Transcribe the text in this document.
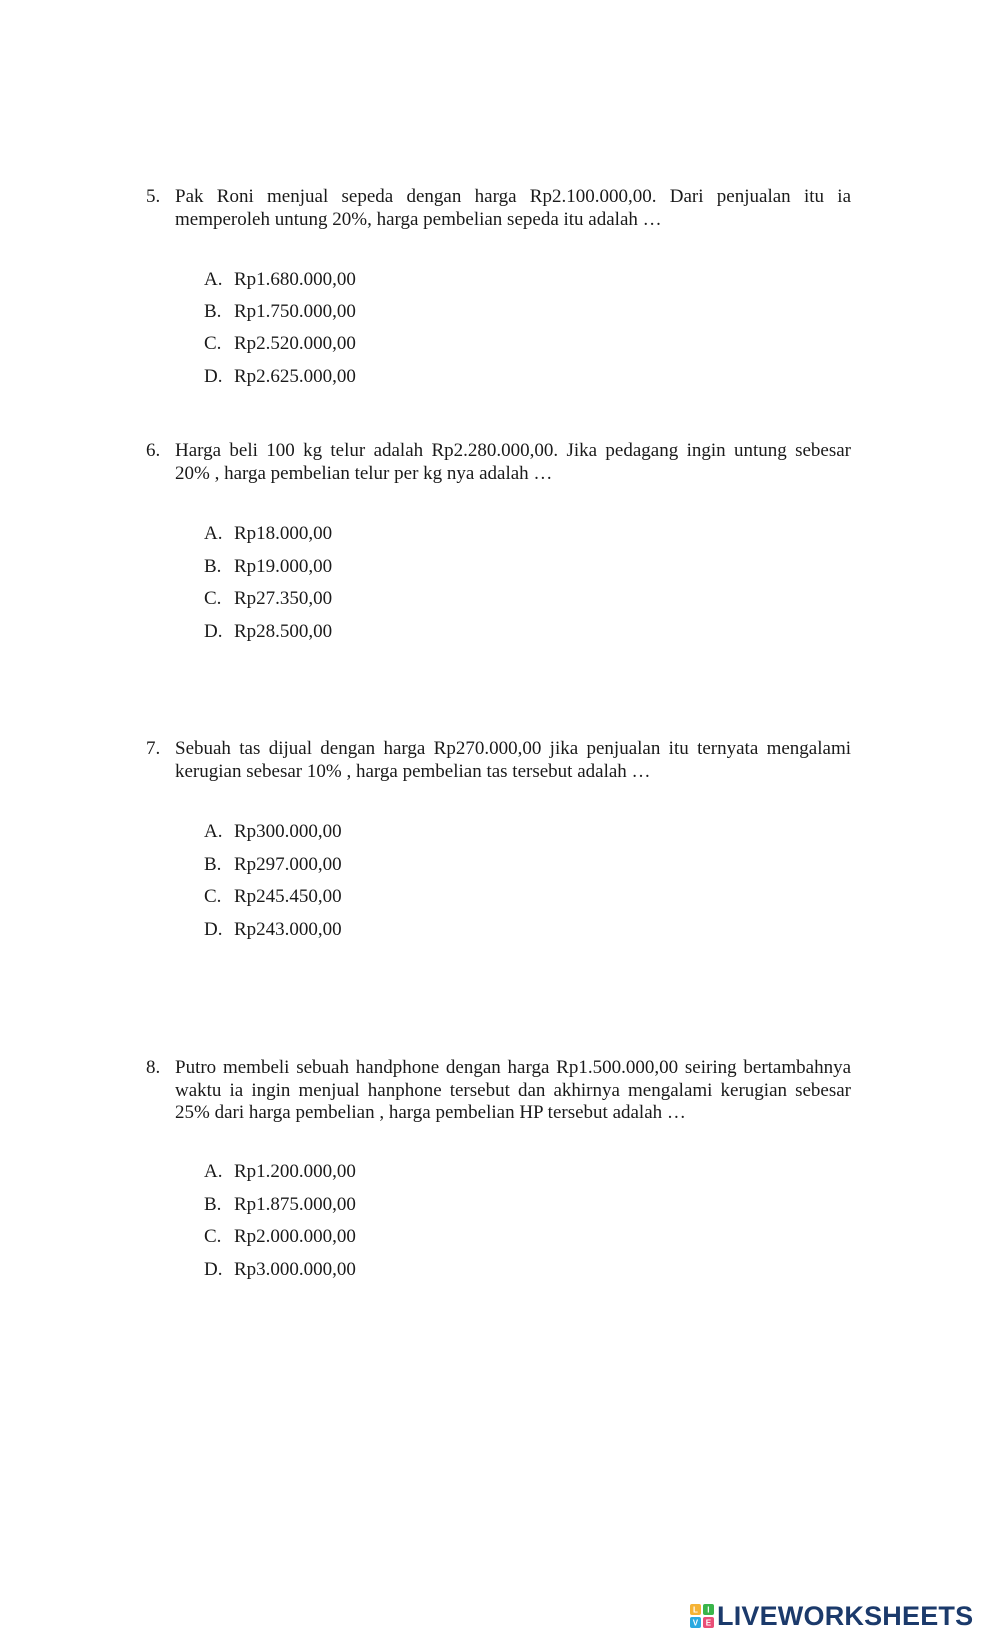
5. Pak Roni menjual sepeda dengan harga Rp2.100.000,00. Dari penjualan itu ia
memperoleh untung 20%, harga pembelian sepeda itu adalah …
A. Rp1.680.000,00
B. Rp1.750.000,00
C. Rp2.520.000,00
D. Rp2.625.000,00
6. Harga beli 100 kg telur adalah Rp2.280.000,00. Jika pedagang ingin untung sebesar
20% , harga pembelian telur per kg nya adalah …
A. Rp18.000,00
B. Rp19.000,00
C. Rp27.350,00
D. Rp28.500,00
7. Sebuah tas dijual dengan harga Rp270.000,00 jika penjualan itu ternyata mengalami
kerugian sebesar 10% , harga pembelian tas tersebut adalah …
A. Rp300.000,00
B. Rp297.000,00
C. Rp245.450,00
D. Rp243.000,00
8. Putro membeli sebuah handphone dengan harga Rp1.500.000,00 seiring bertambahnya
waktu ia ingin menjual hanphone tersebut dan akhirnya mengalami kerugian sebesar
25% dari harga pembelian , harga pembelian HP tersebut adalah …
A. Rp1.200.000,00
B. Rp1.875.000,00
C. Rp2.000.000,00
D. Rp3.000.000,00
L I
V E LIVEWORKSHEETS
